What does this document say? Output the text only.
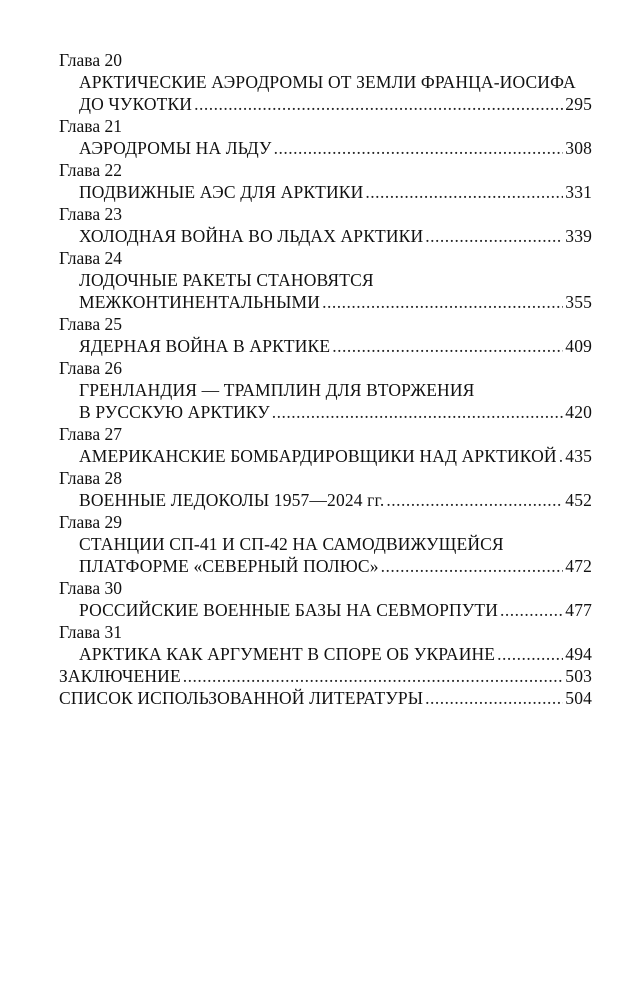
Глава 20
АРКТИЧЕСКИЕ АЭРОДРОМЫ ОТ ЗЕМЛИ ФРАНЦА-ИОСИФА
ДО ЧУКОТКИ .....	295
Глава 21
АЭРОДРОМЫ НА ЛЬДУ .....	308
Глава 22
ПОДВИЖНЫЕ АЭС ДЛЯ АРКТИКИ .....	331
Глава 23
ХОЛОДНАЯ ВОЙНА ВО ЛЬДАХ АРКТИКИ .....	339
Глава 24
ЛОДОЧНЫЕ РАКЕТЫ СТАНОВЯТСЯ
МЕЖКОНТИНЕНТАЛЬНЫМИ .....	355
Глава 25
ЯДЕРНАЯ ВОЙНА В АРКТИКЕ .....	409
Глава 26
ГРЕНЛАНДИЯ — ТРАМПЛИН ДЛЯ ВТОРЖЕНИЯ
В РУССКУЮ АРКТИКУ .....	420
Глава 27
АМЕРИКАНСКИЕ БОМБАРДИРОВЩИКИ НАД АРКТИКОЙ ..... 435
Глава 28
ВОЕННЫЕ ЛЕДОКОЛЫ 1957—2024 гг. .....	452
Глава 29
СТАНЦИИ СП-41 И СП-42 НА САМОДВИЖУЩЕЙСЯ
ПЛАТФОРМЕ «СЕВЕРНЫЙ ПОЛЮС» .....	472
Глава 30
РОССИЙСКИЕ ВОЕННЫЕ БАЗЫ НА СЕВМОРПУТИ .....	477
Глава 31
АРКТИКА КАК АРГУМЕНТ В СПОРЕ ОБ УКРАИНЕ .....	494
ЗАКЛЮЧЕНИЕ .....	503
СПИСОК ИСПОЛЬЗОВАННОЙ ЛИТЕРАТУРЫ .....	504
